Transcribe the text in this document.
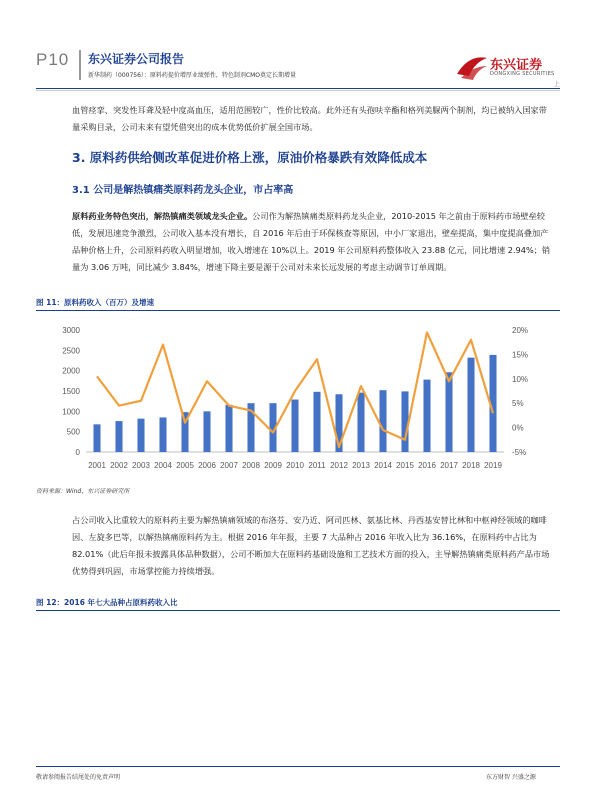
P10 东兴证券公司报告
新华制药（000756）：原料药提价增厚业绩弹性，特色制剂CMO奠定长期增量
东兴证券
DONGXING SECURITIES
上
血管痉挛、突发性耳聋及轻中度高血压，适用范围较广，性价比较高。此外还有头孢呋辛酯和格列美脲两个制剂，均已被纳入国家带量采购目录，公司未来有望凭借突出的成本优势低价扩展全国市场。
3. 原料药供给侧改革促进价格上涨，原油价格暴跌有效降低成本
3.1 公司是解热镇痛类原料药龙头企业，市占率高
原料药业务特色突出，解热镇痛类领域龙头企业。公司作为解热镇痛类原料药龙头企业，2010-2015 年之前由于原料药市场壁垒较低，发展迅速竞争激烈，公司收入基本没有增长，自 2016 年后由于环保核查等原因，中小厂家退出，壁垒提高，集中度提高叠加产品种价格上升，公司原料药收入明显增加，收入增速在 10%以上。2019 年公司原料药整体收入 23.88 亿元，同比增速 2.94%；销量为 3.06 万吨，同比减少 3.84%，增速下降主要是源于公司对未来长远发展的考虑主动调节订单周期。
图 11：原料药收入（百万）及增速
3000
2500
2000
1500
1000
500
0
20%
15%
10%
5%
0%
-5%
2001 2002 2003 2004 2005 2006 2007 2008 2009 2010 2011 2012 2013 2014 2015 2016 2017 2018 2019
资料来源：Wind、东兴证券研究所
占公司收入比重较大的原料药主要为解热镇痛领域的布洛芬、安乃近、阿司匹林、氨基比林、丹西基安替比林和中枢神经领域的咖啡因、左旋多巴等，以解热镇痛原料药为主。根据 2016 年年报，主要 7 大品种占 2016 年收入比为 36.16%，在原料药中占比为 82.01%（此后年报未披露具体品种数据），公司不断加大在原料药基础设施和工艺技术方面的投入，主导解热镇痛类原料药产品市场优势得到巩固，市场掌控能力持续增强。
图 12：2016 年七大品种占原料药收入比
敬请参阅报告结尾处的免责声明	东方财智 兴盛之源
